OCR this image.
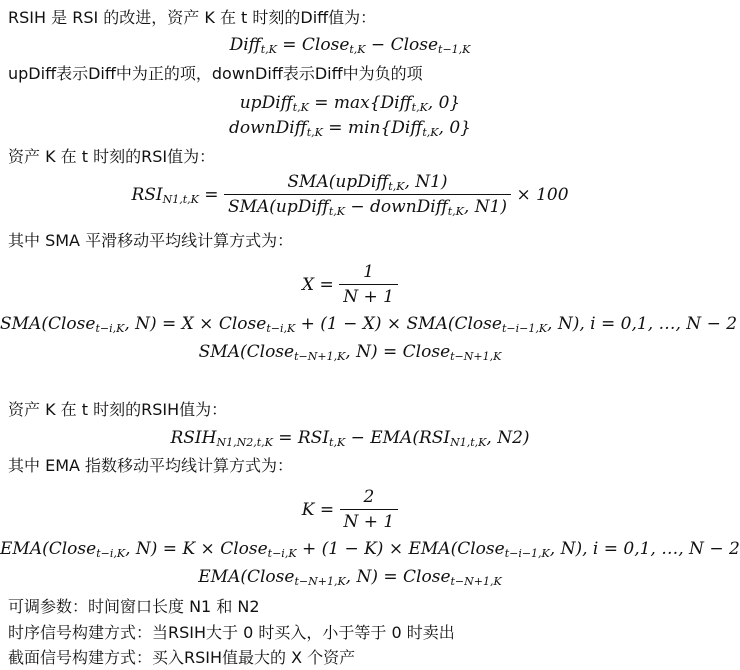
RSIH 是 RSI 的改进，资产 K 在 t 时刻的Diff值为：
Diff$_{t,K}$ = Close$_{t,K}$ − Close$_{t-1,K}$
upDiff表示Diff中为正的项，downDiff表示Diff中为负的项
upDiff$_{t,K}$ = max{Diff$_{t,K}$, 0}
downDiff$_{t,K}$ = min{Diff$_{t,K}$, 0}
资产 K 在 t 时刻的RSI值为：
$RSI_{N1,t,K} = \frac{SMA(upDiff_{t,K}, N1)}{SMA(upDiff_{t,K} - downDiff_{t,K}, N1)} \times 100$
其中 SMA 平滑移动平均线计算方式为：
$X = \frac{1}{N + 1}$
SMA(Close$_{t-i,K}$, N) = X × Close$_{t-i,K}$ + (1 − X) × SMA(Close$_{t-i-1,K}$, N), i = 0,1, …, N − 2
SMA(Close$_{t-N+1,K}$, N) = Close$_{t-N+1,K}$
资产 K 在 t 时刻的RSIH值为：
$RSIH_{N1,N2,t,K} = RSI_{t,K} - EMA(RSI_{N1,t,K}$, N2)
其中 EMA 指数移动平均线计算方式为：
$K = \frac{2}{N + 1}$
EMA(Close$_{t-i,K}$, N) = K × Close$_{t-i,K}$ + (1 − K) × EMA(Close$_{t-i-1,K}$, N), i = 0,1, …, N − 2
EMA(Close$_{t-N+1,K}$, N) = Close$_{t-N+1,K}$
可调参数：时间窗口长度 N1 和 N2
时序信号构建方式：当RSIH大于 0 时买入，小于等于 0 时卖出
截面信号构建方式：买入RSIH值最大的 X 个资产
